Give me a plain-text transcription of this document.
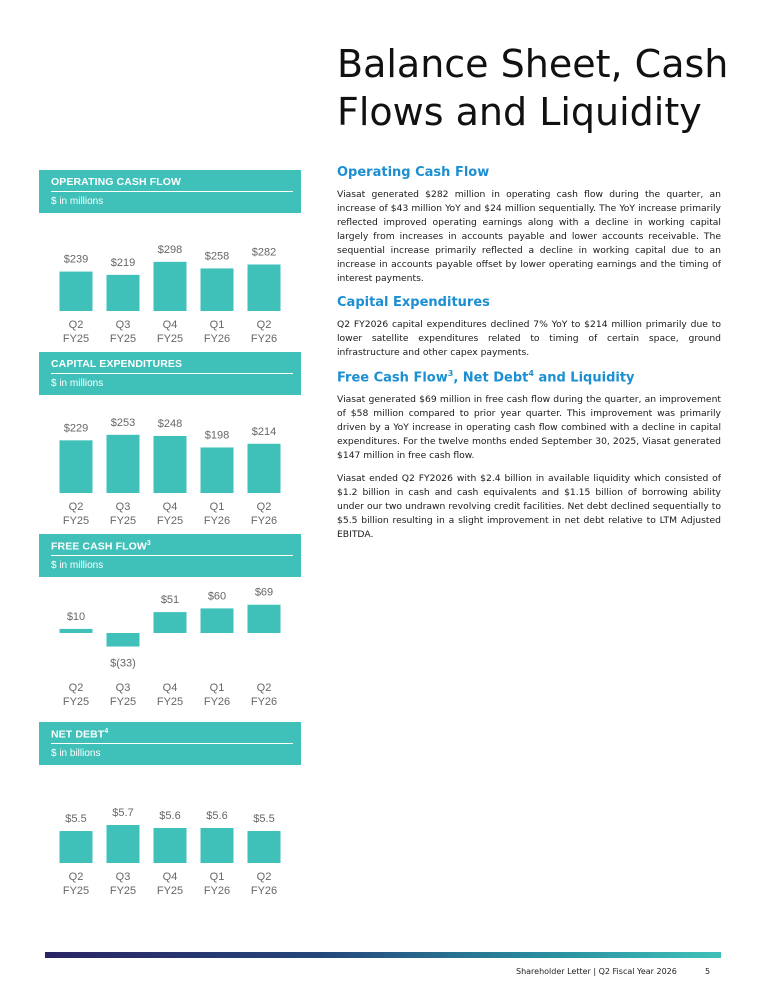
Balance Sheet, Cash
Flows and Liquidity
OPERATING CASH FLOW
$ in millions
$239
Q2
FY25
$219
Q3
FY25
$298
Q4
FY25
$258
Q1
FY26
$282
Q2
FY26
CAPITAL EXPENDITURES
$ in millions
$229
Q2
FY25
$253
Q3
FY25
$248
Q4
FY25
$198
Q1
FY26
$214
Q2
FY26
FREE CASH FLOW$^3$
$ in millions
$10
Q2
FY25
$(33)
Q3
FY25
$51
Q4
FY25
$60
Q1
FY26
$69
Q2
FY26
NET DEBT$^4$
$ in billions
$5.5
Q2
FY25
$5.7
Q3
FY25
$5.6
Q4
FY25
$5.6
Q1
FY26
$5.5
Q2
FY26
Operating Cash Flow

Viasat generated $282 million in operating cash flow during the quarter, an increase of $43 million YoY and $24 million sequentially. The YoY increase primarily reflected improved operating earnings along with a decline in working capital largely from increases in accounts payable and lower accounts receivable. The sequential increase primarily reflected a decline in working capital due to an increase in accounts payable offset by lower operating earnings and the timing of interest payments.

Capital Expenditures

Q2 FY2026 capital expenditures declined 7% YoY to $214 million primarily due to lower satellite expenditures related to timing of certain space, ground infrastructure and other capex payments.

Free Cash Flow$^3$, Net Debt$^4$ and Liquidity

Viasat generated $69 million in free cash flow during the quarter, an improvement of $58 million compared to prior year quarter. This improvement was primarily driven by a YoY increase in operating cash flow combined with a decline in capital expenditures. For the twelve months ended September 30, 2025, Viasat generated $147 million in free cash flow.

Viasat ended Q2 FY2026 with $2.4 billion in available liquidity which consisted of $1.2 billion in cash and cash equivalents and $1.15 billion of borrowing ability under our two undrawn revolving credit facilities. Net debt declined sequentially to $5.5 billion resulting in a slight improvement in net debt relative to LTM Adjusted EBITDA.

Shareholder Letter | Q2 Fiscal Year 2026	5
